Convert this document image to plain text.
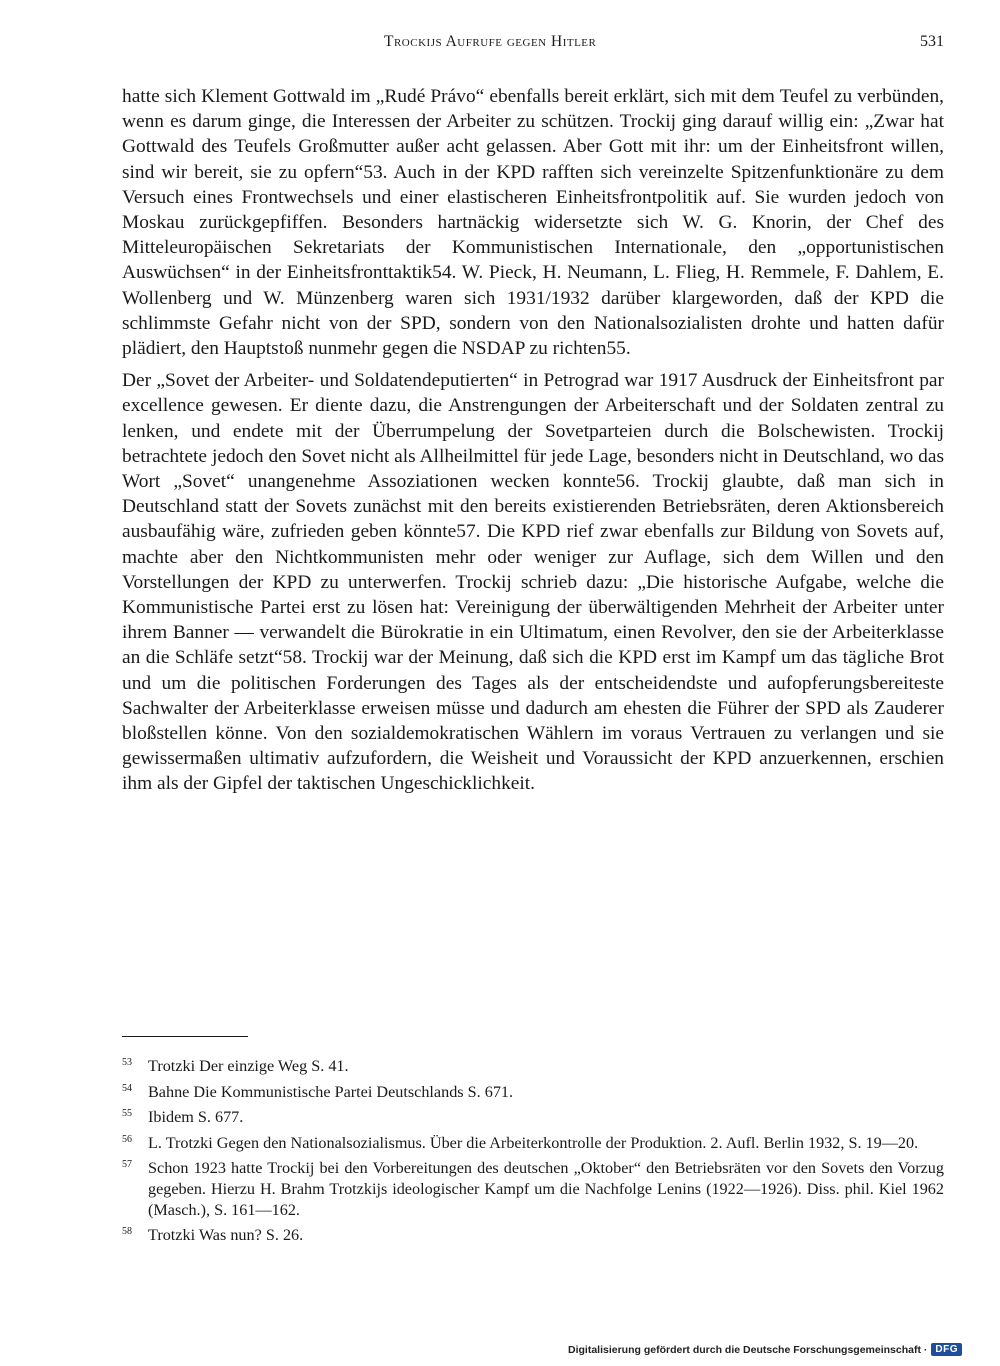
Trockijs Aufrufe gegen Hitler	531

hatte sich Klement Gottwald im „Rudé Právo“ ebenfalls bereit erklärt, sich mit dem Teufel zu verbünden, wenn es darum ginge, die Interessen der Arbeiter zu schützen. Trockij ging darauf willig ein: „Zwar hat Gottwald des Teufels Großmutter außer acht gelassen. Aber Gott mit ihr: um der Einheitsfront willen, sind wir bereit, sie zu opfern“53. Auch in der KPD rafften sich vereinzelte Spitzenfunktionäre zu dem Versuch eines Frontwechsels und einer elastischeren Einheitsfrontpolitik auf. Sie wurden jedoch von Moskau zurückgepfiffen. Besonders hartnäckig widersetzte sich W. G. Knorin, der Chef des Mitteleuropäischen Sekretariats der Kommunistischen Internationale, den „opportunistischen Auswüchsen“ in der Einheitsfronttaktik54. W. Pieck, H. Neumann, L. Flieg, H. Remmele, F. Dahlem, E. Wollenberg und W. Münzenberg waren sich 1931/1932 darüber klargeworden, daß der KPD die schlimmste Gefahr nicht von der SPD, sondern von den Nationalsozialisten drohte und hatten dafür plädiert, den Hauptstoß nunmehr gegen die NSDAP zu richten55.

Der „Sovet der Arbeiter- und Soldatendeputierten“ in Petrograd war 1917 Ausdruck der Einheitsfront par excellence gewesen. Er diente dazu, die Anstrengungen der Arbeiterschaft und der Soldaten zentral zu lenken, und endete mit der Überrumpelung der Sovetparteien durch die Bolschewisten. Trockij betrachtete jedoch den Sovet nicht als Allheilmittel für jede Lage, besonders nicht in Deutschland, wo das Wort „Sovet“ unangenehme Assoziationen wecken konnte56. Trockij glaubte, daß man sich in Deutschland statt der Sovets zunächst mit den bereits existierenden Betriebsräten, deren Aktionsbereich ausbaufähig wäre, zufrieden geben könnte57. Die KPD rief zwar ebenfalls zur Bildung von Sovets auf, machte aber den Nichtkommunisten mehr oder weniger zur Auflage, sich dem Willen und den Vorstellungen der KPD zu unterwerfen. Trockij schrieb dazu: „Die historische Aufgabe, welche die Kommunistische Partei erst zu lösen hat: Vereinigung der überwältigenden Mehrheit der Arbeiter unter ihrem Banner — verwandelt die Bürokratie in ein Ultimatum, einen Revolver, den sie der Arbeiterklasse an die Schläfe setzt“58. Trockij war der Meinung, daß sich die KPD erst im Kampf um das tägliche Brot und um die politischen Forderungen des Tages als der entscheidendste und aufopferungsbereiteste Sachwalter der Arbeiterklasse erweisen müsse und dadurch am ehesten die Führer der SPD als Zauderer bloßstellen könne. Von den sozialdemokratischen Wählern im voraus Vertrauen zu verlangen und sie gewissermaßen ultimativ aufzufordern, die Weisheit und Voraussicht der KPD anzuerkennen, erschien ihm als der Gipfel der taktischen Ungeschicklichkeit.

53 Trotzki Der einzige Weg S. 41.
54 Bahne Die Kommunistische Partei Deutschlands S. 671.
55 Ibidem S. 677.
56 L. Trotzki Gegen den Nationalsozialismus. Über die Arbeiterkontrolle der Produktion. 2. Aufl. Berlin 1932, S. 19—20.
57 Schon 1923 hatte Trockij bei den Vorbereitungen des deutschen „Oktober“ den Betriebsräten vor den Sovets den Vorzug gegeben. Hierzu H. Brahm Trotzkijs ideologischer Kampf um die Nachfolge Lenins (1922—1926). Diss. phil. Kiel 1962 (Masch.), S. 161—162.
58 Trotzki Was nun? S. 26.
Digitalisierung gefördert durch die Deutsche Forschungsgemeinschaft · DFG
